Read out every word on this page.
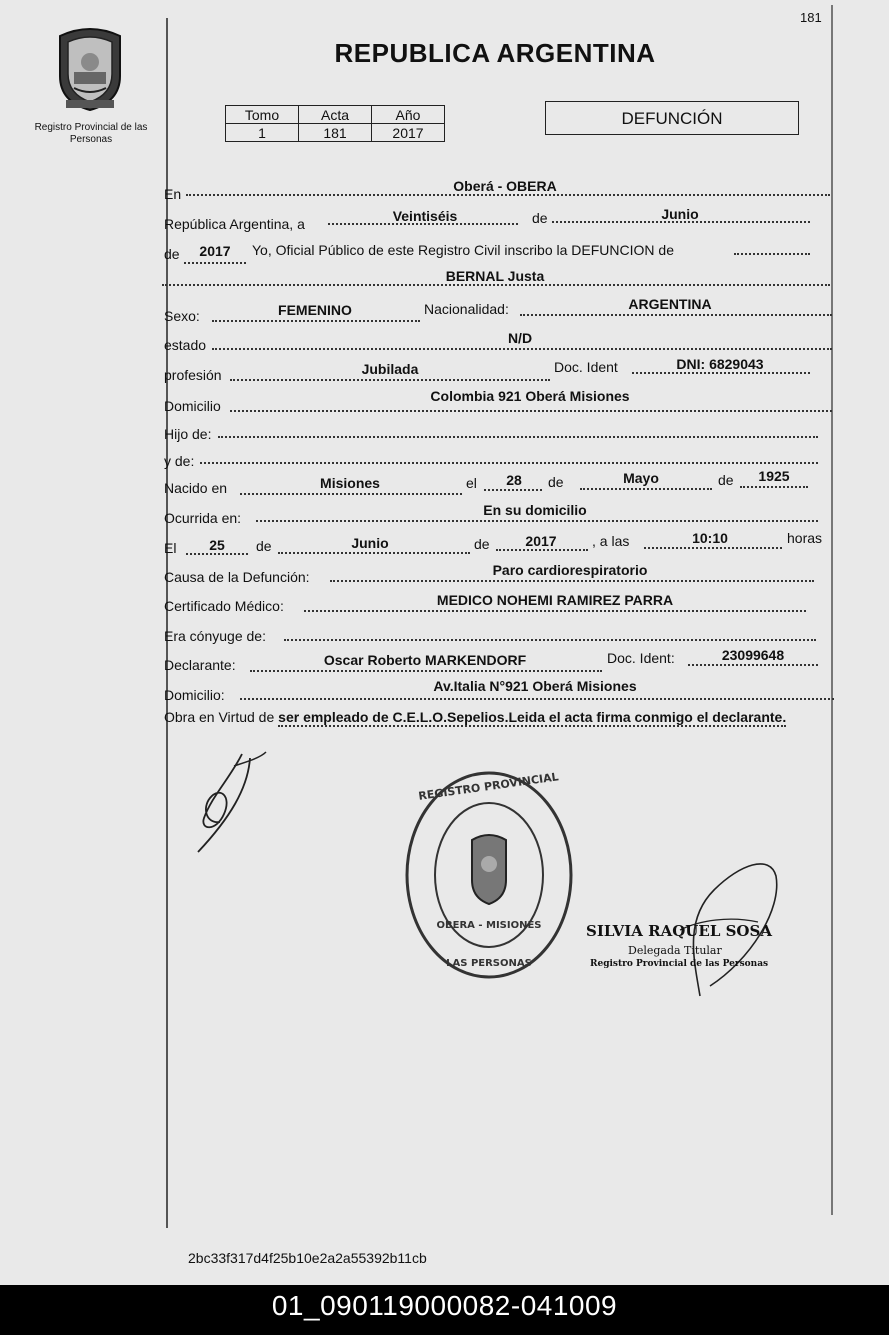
181
Registro Provincial de las Personas
REPUBLICA ARGENTINA
Tomo	Acta	Año
1	181	2017
DEFUNCIÓN
En	Oberá - OBERA
República Argentina, a	Veintiséis	de	Junio
de	2017	Yo, Oficial Público de este Registro Civil inscribo la DEFUNCION de
BERNAL Justa
Sexo:	FEMENINO	Nacionalidad:	ARGENTINA
estado	N/D
profesión	Jubilada	Doc. Ident	DNI: 6829043
Domicilio
Colombia 921 Oberá Misiones
Hijo de:
y de:
Nacido en	Misiones	el	28	de	Mayo	de	1925
Ocurrida en:	En su domicilio
El	25	de	Junio	de	2017	, a las	10:10	horas
Causa de la Defunción:	Paro cardiorespiratorio
Certificado Médico:	MEDICO NOHEMI RAMIREZ PARRA
Era cónyuge de:
Declarante:	Oscar Roberto MARKENDORF	Doc. Ident:	23099648
Domicilio:
Av.Italia N°921 Oberá Misiones
Obra en Virtud de ser empleado de C.E.L.O.Sepelios.Leida el acta firma conmigo el declarante.
REGISTRO PROVINCIAL
OBERA - MISIONES
LAS PERSONAS
SILVIA RAQUEL SOSA
Delegada Titular
Registro Provincial de las Personas
2bc33f317d4f25b10e2a2a55392b11cb
01_090119000082-041009
